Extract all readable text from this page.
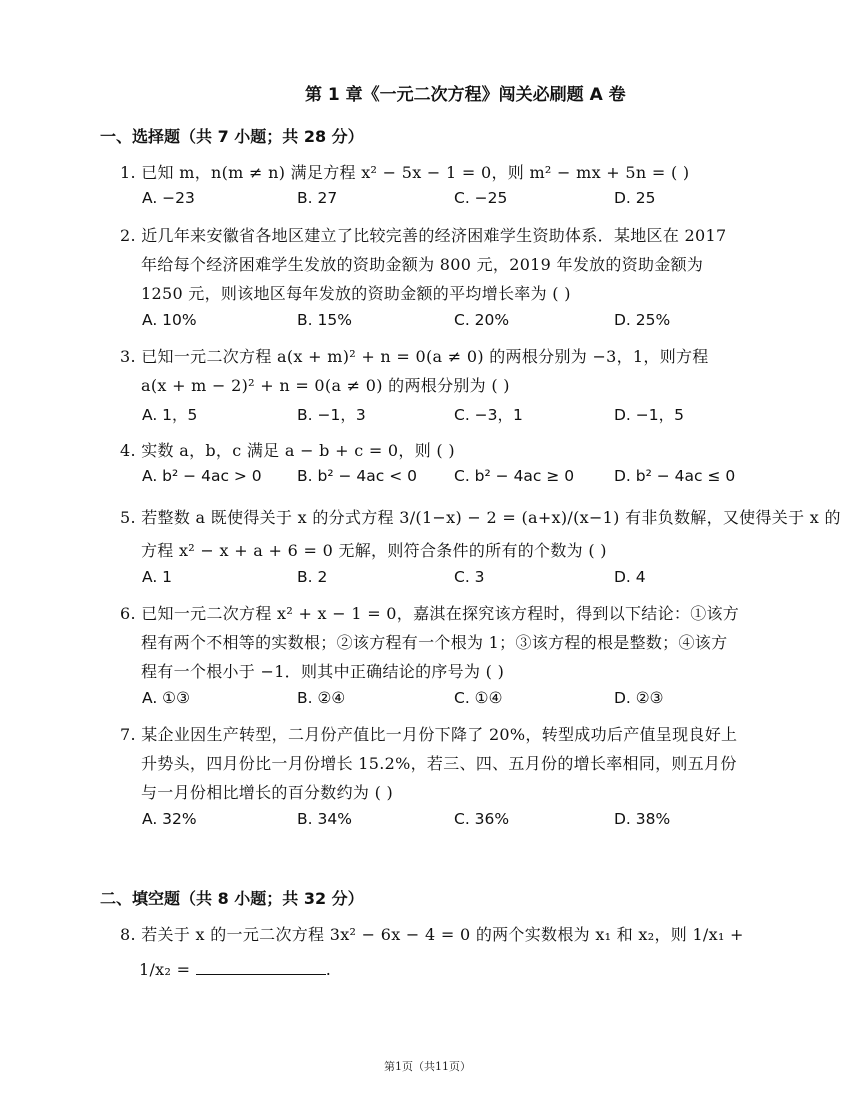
第 1 章《一元二次方程》闯关必刷题 A 卷
一、选择题（共 7 小题；共 28 分）
1. 已知 m，n(m ≠ n) 满足方程 x² − 5x − 1 = 0，则 m² − mx + 5n = ( )
A. −23	B. 27	C. −25	D. 25
2. 近几年来安徽省各地区建立了比较完善的经济困难学生资助体系．某地区在 2017
年给每个经济困难学生发放的资助金额为 800 元，2019 年发放的资助金额为
1250 元，则该地区每年发放的资助金额的平均增长率为 ( )
A. 10%	B. 15%	C. 20%	D. 25%
3. 已知一元二次方程 a(x + m)² + n = 0(a ≠ 0) 的两根分别为 −3，1，则方程
a(x + m − 2)² + n = 0(a ≠ 0) 的两根分别为 ( )
A. 1，5	B. −1，3	C. −3，1	D. −1，5
4. 实数 a，b，c 满足 a − b + c = 0，则 ( )
A. b² − 4ac > 0 B. b² − 4ac < 0 C. b² − 4ac ≥ 0	D. b² − 4ac ≤ 0
5. 若整数 a 既使得关于 x 的分式方程 3/(1−x) − 2 = (a+x)/(x−1) 有非负数解，又使得关于 x 的
方程 x² − x + a + 6 = 0 无解，则符合条件的所有的个数为 ( )
A. 1	B. 2	C. 3	D. 4
6. 已知一元二次方程 x² + x − 1 = 0，嘉淇在探究该方程时，得到以下结论：①该方
程有两个不相等的实数根；②该方程有一个根为 1；③该方程的根是整数；④该方
程有一个根小于 −1．则其中正确结论的序号为 ( )
A. ①③	B. ②④	C. ①④	D. ②③
7. 某企业因生产转型，二月份产值比一月份下降了 20%，转型成功后产值呈现良好上
升势头，四月份比一月份增长 15.2%，若三、四、五月份的增长率相同，则五月份
与一月份相比增长的百分数约为 ( )
A. 32%	B. 34%	C. 36%	D. 38%
二、填空题（共 8 小题；共 32 分）
8. 若关于 x 的一元二次方程 3x² − 6x − 4 = 0 的两个实数根为 x₁ 和 x₂，则 1/x₁ +
1/x₂ =	.
第1页（共11页）
